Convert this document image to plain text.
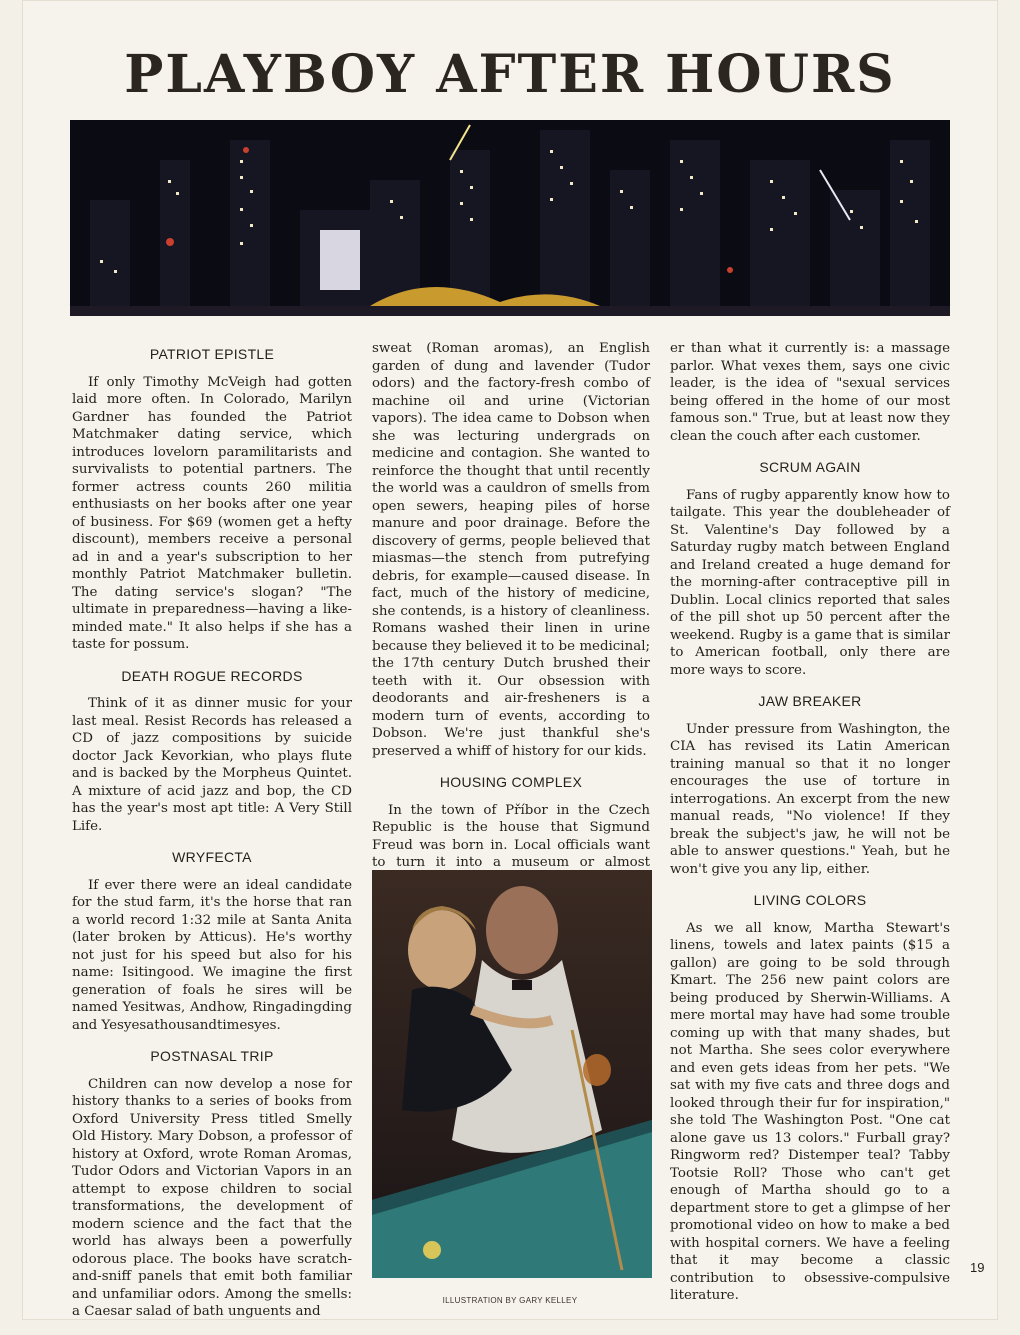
PLAYBOY AFTER HOURS
PATRIOT EPISTLE

If only Timothy McVeigh had gotten laid more often. In Colorado, Marilyn Gardner has founded the Patriot Matchmaker dating service, which introduces lovelorn paramilitarists and survivalists to potential partners. The former actress counts 260 militia enthusiasts on her books after one year of business. For $69 (women get a hefty discount), members receive a personal ad in and a year's subscription to her monthly Patriot Matchmaker bulletin. The dating service's slogan? "The ultimate in preparedness—having a like-minded mate." It also helps if she has a taste for possum.

DEATH ROGUE RECORDS

Think of it as dinner music for your last meal. Resist Records has released a CD of jazz compositions by suicide doctor Jack Kevorkian, who plays flute and is backed by the Morpheus Quintet. A mixture of acid jazz and bop, the CD has the year's most apt title: A Very Still Life.

WRYFECTA

If ever there were an ideal candidate for the stud farm, it's the horse that ran a world record 1:32 mile at Santa Anita (later broken by Atticus). He's worthy not just for his speed but also for his name: Isitingood. We imagine the first generation of foals he sires will be named Yesitwas, Andhow, Ringadingding and Yesyesathousandtimesyes.

POSTNASAL TRIP

Children can now develop a nose for history thanks to a series of books from Oxford University Press titled Smelly Old History. Mary Dobson, a professor of history at Oxford, wrote Roman Aromas, Tudor Odors and Victorian Vapors in an attempt to expose children to social transformations, the development of modern science and the fact that the world has always been a powerfully odorous place. The books have scratch-and-sniff panels that emit both familiar and unfamiliar odors. Among the smells: a Caesar salad of bath unguents and

sweat (Roman aromas), an English garden of dung and lavender (Tudor odors) and the factory-fresh combo of machine oil and urine (Victorian vapors). The idea came to Dobson when she was lecturing undergrads on medicine and contagion. She wanted to reinforce the thought that until recently the world was a cauldron of smells from open sewers, heaping piles of horse manure and poor drainage. Before the discovery of germs, people believed that miasmas—the stench from putrefying debris, for example—caused disease. In fact, much of the history of medicine, she contends, is a history of cleanliness. Romans washed their linen in urine because they believed it to be medicinal; the 17th century Dutch brushed their teeth with it. Our obsession with deodorants and air-fresheners is a modern turn of events, according to Dobson. We're just thankful she's preserved a whiff of history for our kids.

HOUSING COMPLEX

In the town of Příbor in the Czech Republic is the house that Sigmund Freud was born in. Local officials want to turn it into a museum or almost

er than what it currently is: a massage parlor. What vexes them, says one civic leader, is the idea of "sexual services being offered in the home of our most famous son." True, but at least now they clean the couch after each customer.

SCRUM AGAIN

Fans of rugby apparently know how to tailgate. This year the doubleheader of St. Valentine's Day followed by a Saturday rugby match between England and Ireland created a huge demand for the morning-after contraceptive pill in Dublin. Local clinics reported that sales of the pill shot up 50 percent after the weekend. Rugby is a game that is similar to American football, only there are more ways to score.

JAW BREAKER

Under pressure from Washington, the CIA has revised its Latin American training manual so that it no longer encourages the use of torture in interrogations. An excerpt from the new manual reads, "No violence! If they break the subject's jaw, he will not be able to answer questions." Yeah, but he won't give you any lip, either.

LIVING COLORS

As we all know, Martha Stewart's linens, towels and latex paints ($15 a gallon) are going to be sold through Kmart. The 256 new paint colors are being produced by Sherwin-Williams. A mere mortal may have had some trouble coming up with that many shades, but not Martha. She sees color everywhere and even gets ideas from her pets. "We sat with my five cats and three dogs and looked through their fur for inspiration," she told The Washington Post. "One cat alone gave us 13 colors." Furball gray? Ringworm red? Distemper teal? Tabby Tootsie Roll? Those who can't get enough of Martha should go to a department store to get a glimpse of her promotional video on how to make a bed with hospital corners. We have a feeling that it may become a classic contribution to obsessive-compulsive literature.

19
ILLUSTRATION BY GARY KELLEY
